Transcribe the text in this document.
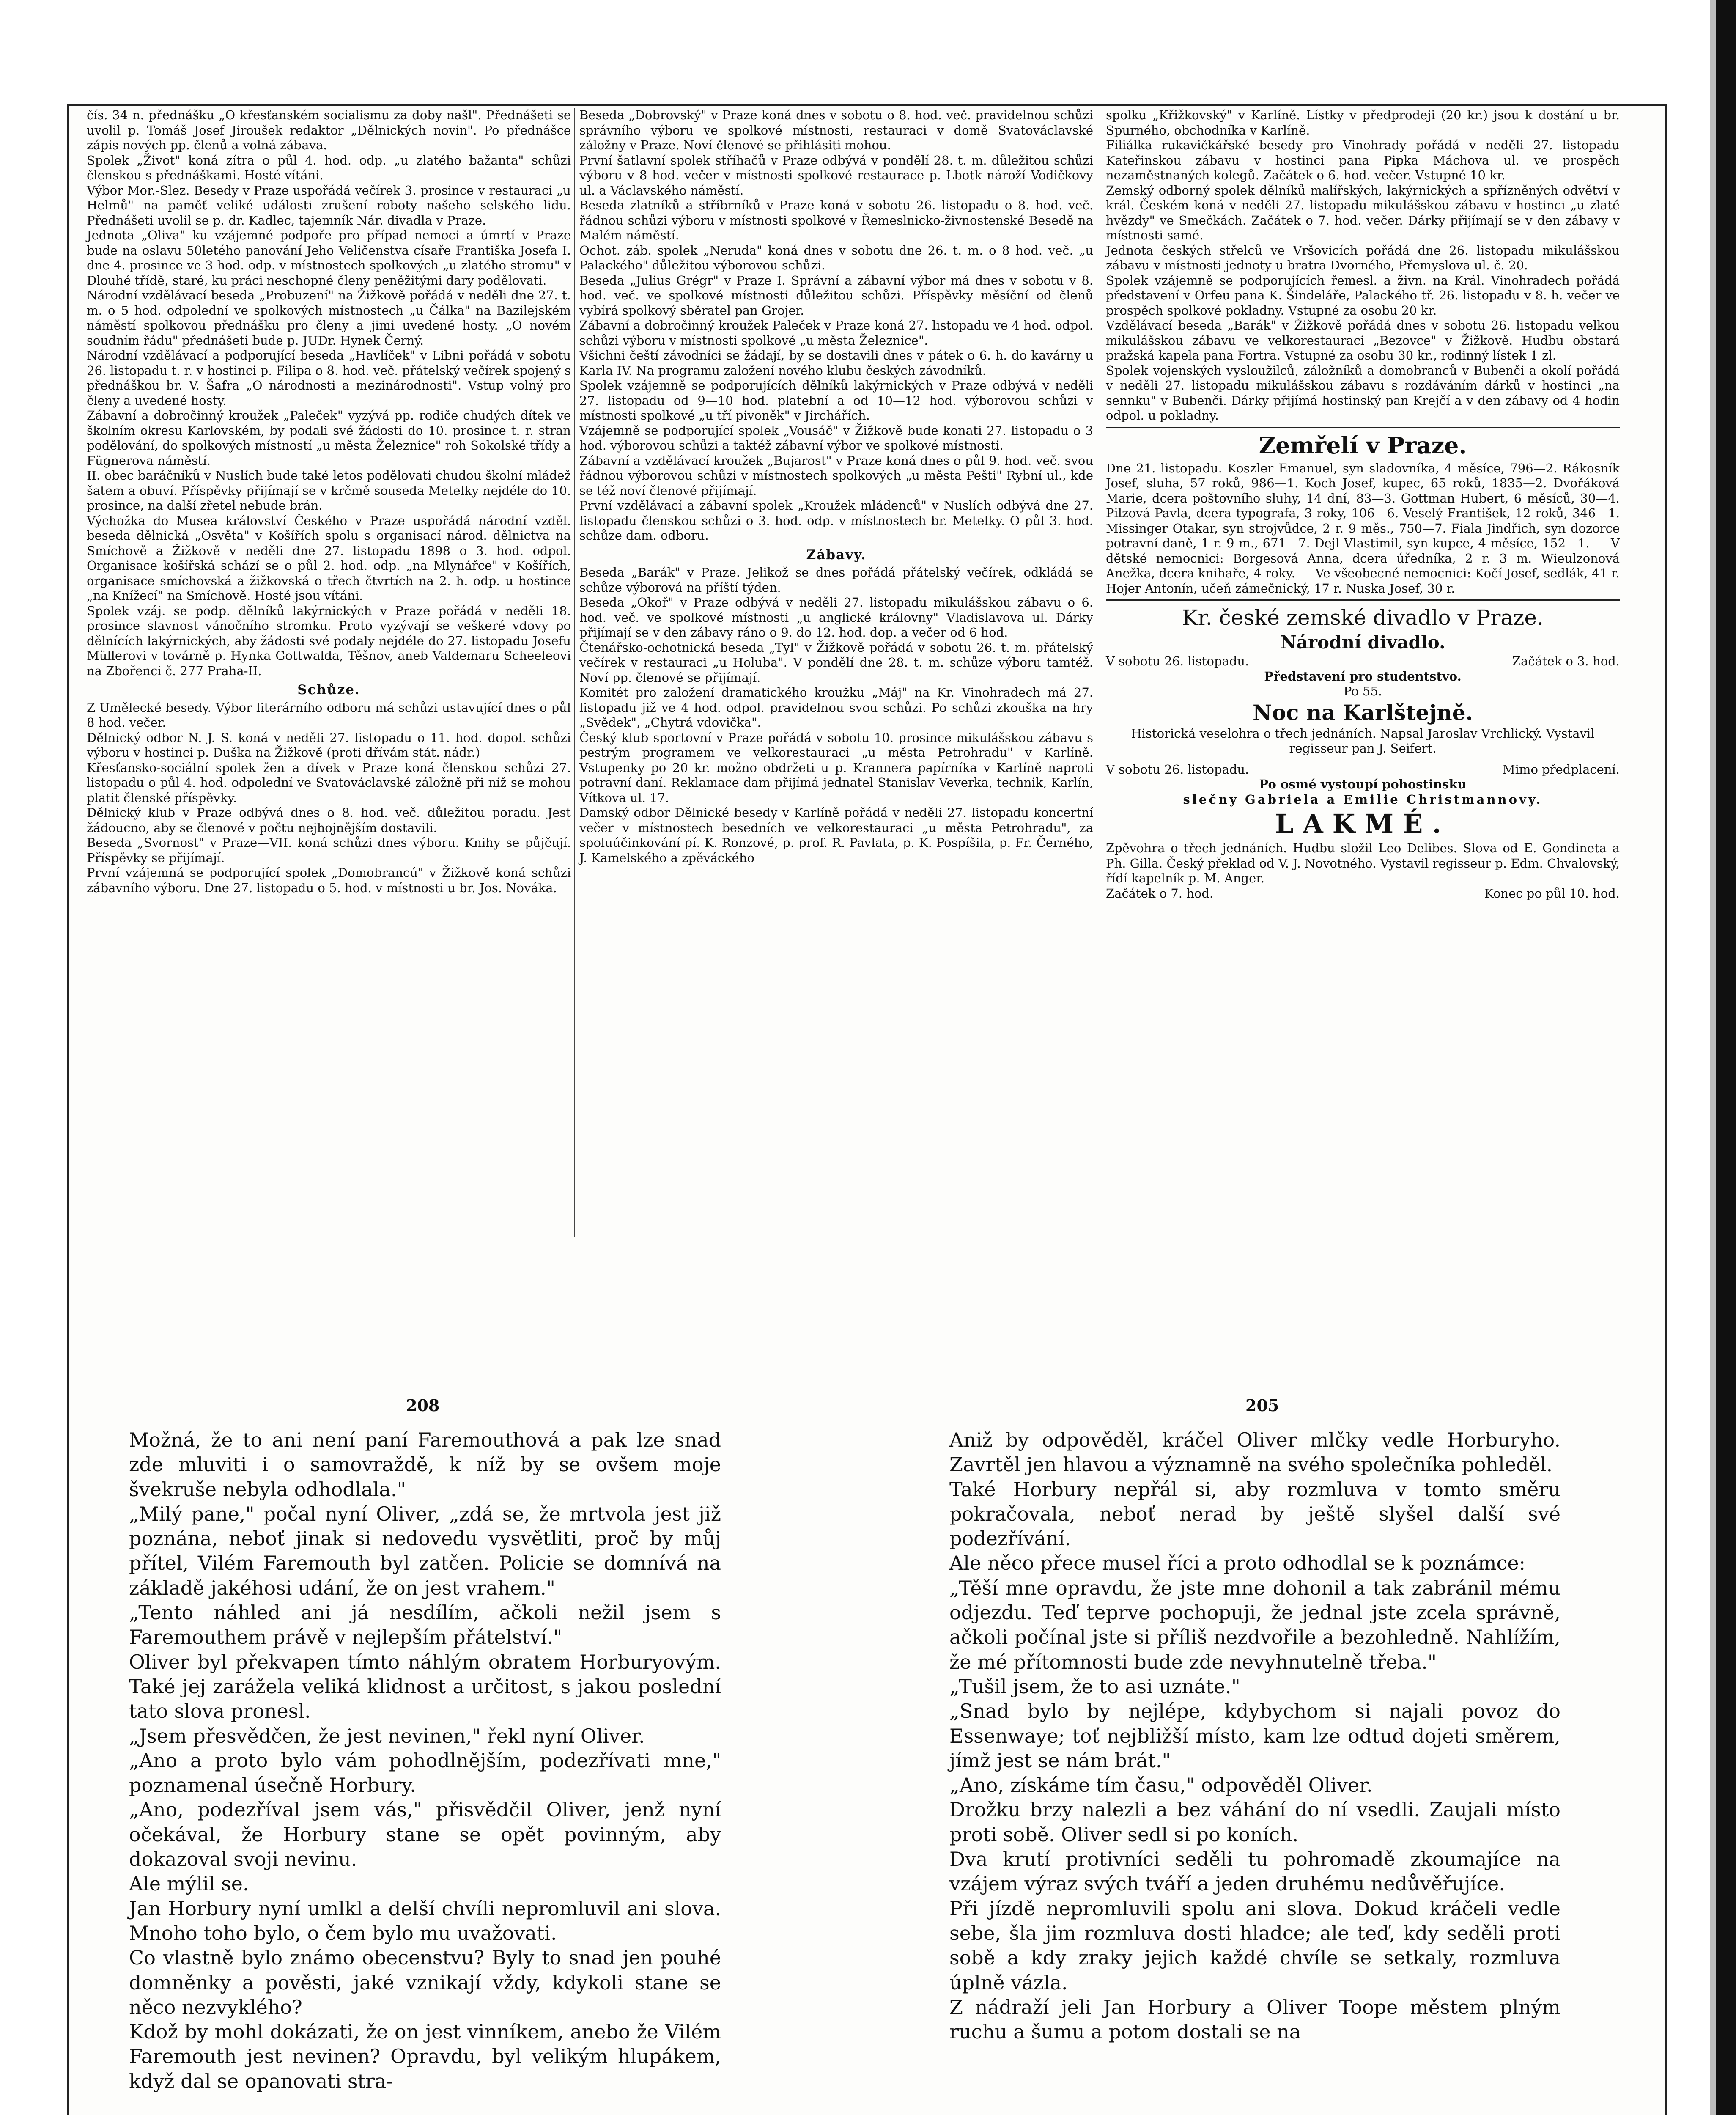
čís. 34 n. přednášku „O křesťanském socialismu za doby našl". Přednášeti se uvolil p. Tomáš Josef Jiroušek redaktor „Dělnických novin". Po přednášce zápis nových pp. členů a volná zábava.

Spolek „Život" koná zítra o půl 4. hod. odp. „u zlatého bažanta" schůzi členskou s přednáškami. Hosté vítáni.

Výbor Mor.-Slez. Besedy v Praze uspořádá večírek 3. prosince v restauraci „u Helmů" na paměť veliké události zrušení roboty našeho selského lidu. Přednášeti uvolil se p. dr. Kadlec, tajemník Nár. divadla v Praze.

Jednota „Oliva" ku vzájemné podpoře pro případ nemoci a úmrtí v Praze bude na oslavu 50letého panování Jeho Veličenstva císaře Františka Josefa I. dne 4. prosince ve 3 hod. odp. v místnostech spolkových „u zlatého stromu" v Dlouhé třídě, staré, ku práci neschopné členy peněžitými dary podělovati.

Národní vzdělávací beseda „Probuzení" na Žižkově pořádá v neděli dne 27. t. m. o 5 hod. odpolední ve spolkových místnostech „u Čálka" na Bazilejském náměstí spolkovou přednášku pro členy a jimi uvedené hosty. „O novém soudním řádu" přednášeti bude p. JUDr. Hynek Černý.

Národní vzdělávací a podporující beseda „Havlíček" v Libni pořádá v sobotu 26. listopadu t. r. v hostinci p. Filipa o 8. hod. več. přátelský večírek spojený s přednáškou br. V. Šafra „O národnosti a mezinárodnosti". Vstup volný pro členy a uvedené hosty.

Zábavní a dobročinný kroužek „Paleček" vyzývá pp. rodiče chudých dítek ve školním okresu Karlovském, by podali své žádosti do 10. prosince t. r. stran podělování, do spolkových místností „u města Železnice" roh Sokolské třídy a Fügnerova náměstí.

II. obec baráčníků v Nuslích bude také letos podělovati chudou školní mládež šatem a obuví. Příspěvky přijímají se v krčmě souseda Metelky nejdéle do 10. prosince, na další zřetel nebude brán.

Výchožka do Musea království Českého v Praze uspořádá národní vzděl. beseda dělnická „Osvěta" v Košířích spolu s organisací národ. dělnictva na Smíchově a Žižkově v neděli dne 27. listopadu 1898 o 3. hod. odpol. Organisace košířská schází se o půl 2. hod. odp. „na Mlynářce" v Košířích, organisace smíchovská a žižkovská o třech čtvrtích na 2. h. odp. u hostince „na Knížecí" na Smíchově. Hosté jsou vítáni.

Spolek vzáj. se podp. dělníků lakýrnických v Praze pořádá v neděli 18. prosince slavnost vánočního stromku. Proto vyzývají se veškeré vdovy po dělnících lakýrnických, aby žádosti své podaly nejdéle do 27. listopadu Josefu Müllerovi v továrně p. Hynka Gottwalda, Těšnov, aneb Valdemaru Scheeleovi na Zbořenci č. 277 Praha-II.

Schůze.

Z Umělecké besedy. Výbor literárního odboru má schůzi ustavující dnes o půl 8 hod. večer.

Dělnický odbor N. J. S. koná v neděli 27. listopadu o 11. hod. dopol. schůzi výboru v hostinci p. Duška na Žižkově (proti dřívám stát. nádr.)

Křesťansko-sociální spolek žen a dívek v Praze koná členskou schůzi 27. listopadu o půl 4. hod. odpolední ve Svatováclavské záložně při níž se mohou platit členské příspěvky.

Dělnický klub v Praze odbývá dnes o 8. hod. več. důležitou poradu. Jest žádoucno, aby se členové v počtu nejhojnějším dostavili.

Beseda „Svornost" v Praze—VII. koná schůzi dnes výboru. Knihy se půjčují. Příspěvky se přijímají.

První vzájemná se podporující spolek „Domobrancú" v Žižkově koná schůzi zábavního výboru. Dne 27. listopadu o 5. hod. v místnosti u br. Jos. Nováka.

Beseda „Dobrovský" v Praze koná dnes v sobotu o 8. hod. več. pravidelnou schůzi správního výboru ve spolkové místnosti, restauraci v domě Svatováclavské záložny v Praze. Noví členové se přihlásiti mohou.

První šatlavní spolek stříhačů v Praze odbývá v pondělí 28. t. m. důležitou schůzi výboru v 8 hod. večer v místnosti spolkové restaurace p. Lbotk nároží Vodičkovy ul. a Václavského náměstí.

Beseda zlatníků a stříbrníků v Praze koná v sobotu 26. listopadu o 8. hod. več. řádnou schůzi výboru v místnosti spolkové v Řemeslnicko-živnostenské Besedě na Malém náměstí.

Ochot. záb. spolek „Neruda" koná dnes v sobotu dne 26. t. m. o 8 hod. več. „u Palackého" důležitou výborovou schůzi.

Beseda „Julius Grégr" v Praze I. Správní a zábavní výbor má dnes v sobotu v 8. hod. več. ve spolkové místnosti důležitou schůzi. Příspěvky měsíční od členů vybírá spolkový sběratel pan Grojer.

Zábavní a dobročinný kroužek Paleček v Praze koná 27. listopadu ve 4 hod. odpol. schůzi výboru v místnosti spolkové „u města Železnice".

Všichni čeští závodníci se žádají, by se dostavili dnes v pátek o 6. h. do kavárny u Karla IV. Na programu založení nového klubu českých závodníků.

Spolek vzájemně se podporujících dělníků lakýrnických v Praze odbývá v neděli 27. listopadu od 9—10 hod. platební a od 10—12 hod. výborovou schůzi v místnosti spolkové „u tří pivoněk" v Jirchářích.

Vzájemně se podporující spolek „Vousáč" v Žižkově bude konati 27. listopadu o 3 hod. výborovou schůzi a taktéž zábavní výbor ve spolkové místnosti.

Zábavní a vzdělávací kroužek „Bujarost" v Praze koná dnes o půl 9. hod. več. svou řádnou výborovou schůzi v místnostech spolkových „u města Pešti" Rybní ul., kde se též noví členové přijímají.

První vzdělávací a zábavní spolek „Kroužek mládenců" v Nuslích odbývá dne 27. listopadu členskou schůzi o 3. hod. odp. v místnostech br. Metelky. O půl 3. hod. schůze dam. odboru.

Zábavy.

Beseda „Barák" v Praze. Jelikož se dnes pořádá přátelský večírek, odkládá se schůze výborová na příští týden.

Beseda „Okoř" v Praze odbývá v neděli 27. listopadu mikulášskou zábavu o 6. hod. več. ve spolkové místnosti „u anglické královny" Vladislavova ul. Dárky přijímají se v den zábavy ráno o 9. do 12. hod. dop. a večer od 6 hod.

Čtenářsko-ochotnická beseda „Tyl" v Žižkově pořádá v sobotu 26. t. m. přátelský večírek v restauraci „u Holuba". V pondělí dne 28. t. m. schůze výboru tamtéž. Noví pp. členové se přijímají.

Komitét pro založení dramatického kroužku „Máj" na Kr. Vinohradech má 27. listopadu již ve 4 hod. odpol. pravidelnou svou schůzi. Po schůzi zkouška na hry „Svědek", „Chytrá vdovička".

Český klub sportovní v Praze pořádá v sobotu 10. prosince mikulášskou zábavu s pestrým programem ve velkorestauraci „u města Petrohradu" v Karlíně. Vstupenky po 20 kr. možno obdržeti u p. Krannera papírníka v Karlíně naproti potravní daní. Reklamace dam přijímá jednatel Stanislav Veverka, technik, Karlín, Vítkova ul. 17.

Damský odbor Dělnické besedy v Karlíně pořádá v neděli 27. listopadu koncertní večer v místnostech besedních ve velkorestauraci „u města Petrohradu", za spoluúčinkování pí. K. Ronzové, p. prof. R. Pavlata, p. K. Pospíšila, p. Fr. Černého, J. Kamelského a zpěváckého

spolku „Křižkovský" v Karlíně. Lístky v předprodeji (20 kr.) jsou k dostání u br. Spurného, obchodníka v Karlíně.

Filiálka rukavičkářské besedy pro Vinohrady pořádá v neděli 27. listopadu Kateřinskou zábavu v hostinci pana Pipka Máchova ul. ve prospěch nezaměstnaných kolegů. Začátek o 6. hod. večer. Vstupné 10 kr.

Zemský odborný spolek dělníků malířských, lakýrnických a spřízněných odvětví v král. Českém koná v neděli 27. listopadu mikulášskou zábavu v hostinci „u zlaté hvězdy" ve Smečkách. Začátek o 7. hod. večer. Dárky přijímají se v den zábavy v místnosti samé.

Jednota českých střelců ve Vršovicích pořádá dne 26. listopadu mikulášskou zábavu v místnosti jednoty u bratra Dvorného, Přemyslova ul. č. 20.

Spolek vzájemně se podporujících řemesl. a živn. na Král. Vinohradech pořádá představení v Orfeu pana K. Šindeláře, Palackého tř. 26. listopadu v 8. h. večer ve prospěch spolkové pokladny. Vstupné za osobu 20 kr.

Vzdělávací beseda „Barák" v Žižkově pořádá dnes v sobotu 26. listopadu velkou mikulášskou zábavu ve velkorestauraci „Bezovce" v Žižkově. Hudbu obstará pražská kapela pana Fortra. Vstupné za osobu 30 kr., rodinný lístek 1 zl.

Spolek vojenských vysloužilců, záložníků a domobranců v Bubenči a okolí pořádá v neděli 27. listopadu mikulášskou zábavu s rozdáváním dárků v hostinci „na sennku" v Bubenči. Dárky přijímá hostinský pan Krejčí a v den zábavy od 4 hodin odpol. u pokladny.

Zemřelí v Praze.

Dne 21. listopadu. Koszler Emanuel, syn sladovníka, 4 měsíce, 796—2. Rákosník Josef, sluha, 57 roků, 986—1. Koch Josef, kupec, 65 roků, 1835—2. Dvořáková Marie, dcera poštovního sluhy, 14 dní, 83—3. Gottman Hubert, 6 měsíců, 30—4. Pilzová Pavla, dcera typografa, 3 roky, 106—6. Veselý František, 12 roků, 346—1. Missinger Otakar, syn strojvůdce, 2 r. 9 měs., 750—7. Fiala Jindřich, syn dozorce potravní daně, 1 r. 9 m., 671—7. Dejl Vlastimil, syn kupce, 4 měsíce, 152—1. — V dětské nemocnici: Borgesová Anna, dcera úředníka, 2 r. 3 m. Wieulzonová Anežka, dcera knihaře, 4 roky. — Ve všeobecné nemocnici: Kočí Josef, sedlák, 41 r. Hojer Antonín, učeň zámečnický, 17 r. Nuska Josef, 30 r.

Kr. české zemské divadlo v Praze.

Národní divadlo.

V sobotu 26. listopadu.	Začátek o 3. hod.

Představení pro studentstvo.

Po 55.

Noc na Karlštejně.

Historická veselohra o třech jednáních. Napsal Jaroslav Vrchlický. Vystavil regisseur pan J. Seifert.

V sobotu 26. listopadu.	Mimo předplacení.

Po osmé vystoupí pohostinsku

slečny Gabriela a Emilie Christmannovy.

LAKMÉ.

Zpěvohra o třech jednáních. Hudbu složil Leo Delibes. Slova od E. Gondineta a Ph. Gilla. Český překlad od V. J. Novotného. Vystavil regisseur p. Edm. Chvalovský, řídí kapelník p. M. Anger.

Začátek o 7. hod.	Konec po půl 10. hod.

208	205

Možná, že to ani není paní Faremouthová a pak lze snad zde mluviti i o samovraždě, k níž by se ovšem moje švekruše nebyla odhodlala."

„Milý pane," počal nyní Oliver, „zdá se, že mrtvola jest již poznána, neboť jinak si nedovedu vysvětliti, proč by můj přítel, Vilém Faremouth byl zatčen. Policie se domnívá na základě jakéhosi udání, že on jest vrahem."

„Tento náhled ani já nesdílím, ačkoli nežil jsem s Faremouthem právě v nejlepším přátelství."

Oliver byl překvapen tímto náhlým obratem Horburyovým. Také jej zarážela veliká klidnost a určitost, s jakou poslední tato slova pronesl.

„Jsem přesvědčen, že jest nevinen," řekl nyní Oliver.

„Ano a proto bylo vám pohodlnějším, podezřívati mne," poznamenal úsečně Horbury.

„Ano, podezříval jsem vás," přisvědčil Oliver, jenž nyní očekával, že Horbury stane se opět povinným, aby dokazoval svoji nevinu.

Ale mýlil se.

Jan Horbury nyní umlkl a delší chvíli nepromluvil ani slova. Mnoho toho bylo, o čem bylo mu uvažovati.

Co vlastně bylo známo obecenstvu? Byly to snad jen pouhé domněnky a pověsti, jaké vznikají vždy, kdykoli stane se něco nezvyklého?

Kdož by mohl dokázati, že on jest vinníkem, anebo že Vilém Faremouth jest nevinen? Opravdu, byl velikým hlupákem, když dal se opanovati stra-

Aniž by odpověděl, kráčel Oliver mlčky vedle Horburyho. Zavrtěl jen hlavou a významně na svého společníka pohleděl.

Také Horbury nepřál si, aby rozmluva v tomto směru pokračovala, neboť nerad by ještě slyšel další své podezřívání.

Ale něco přece musel říci a proto odhodlal se k poznámce:

„Těší mne opravdu, že jste mne dohonil a tak zabránil mému odjezdu. Teď teprve pochopuji, že jednal jste zcela správně, ačkoli počínal jste si příliš nezdvořile a bezohledně. Nahlížím, že mé přítomnosti bude zde nevyhnutelně třeba."

„Tušil jsem, že to asi uznáte."

„Snad bylo by nejlépe, kdybychom si najali povoz do Essenwaye; toť nejbližší místo, kam lze odtud dojeti směrem, jímž jest se nám brát."

„Ano, získáme tím času," odpověděl Oliver.

Drožku brzy nalezli a bez váhání do ní vsedli. Zaujali místo proti sobě. Oliver sedl si po koních.

Dva krutí protivníci seděli tu pohromadě zkoumajíce na vzájem výraz svých tváří a jeden druhému nedůvěřujíce.

Při jízdě nepromluvili spolu ani slova. Dokud kráčeli vedle sebe, šla jim rozmluva dosti hladce; ale teď, kdy seděli proti sobě a kdy zraky jejich každé chvíle se setkaly, rozmluva úplně vázla.

Z nádraží jeli Jan Horbury a Oliver Toope městem plným ruchu a šumu a potom dostali se na
